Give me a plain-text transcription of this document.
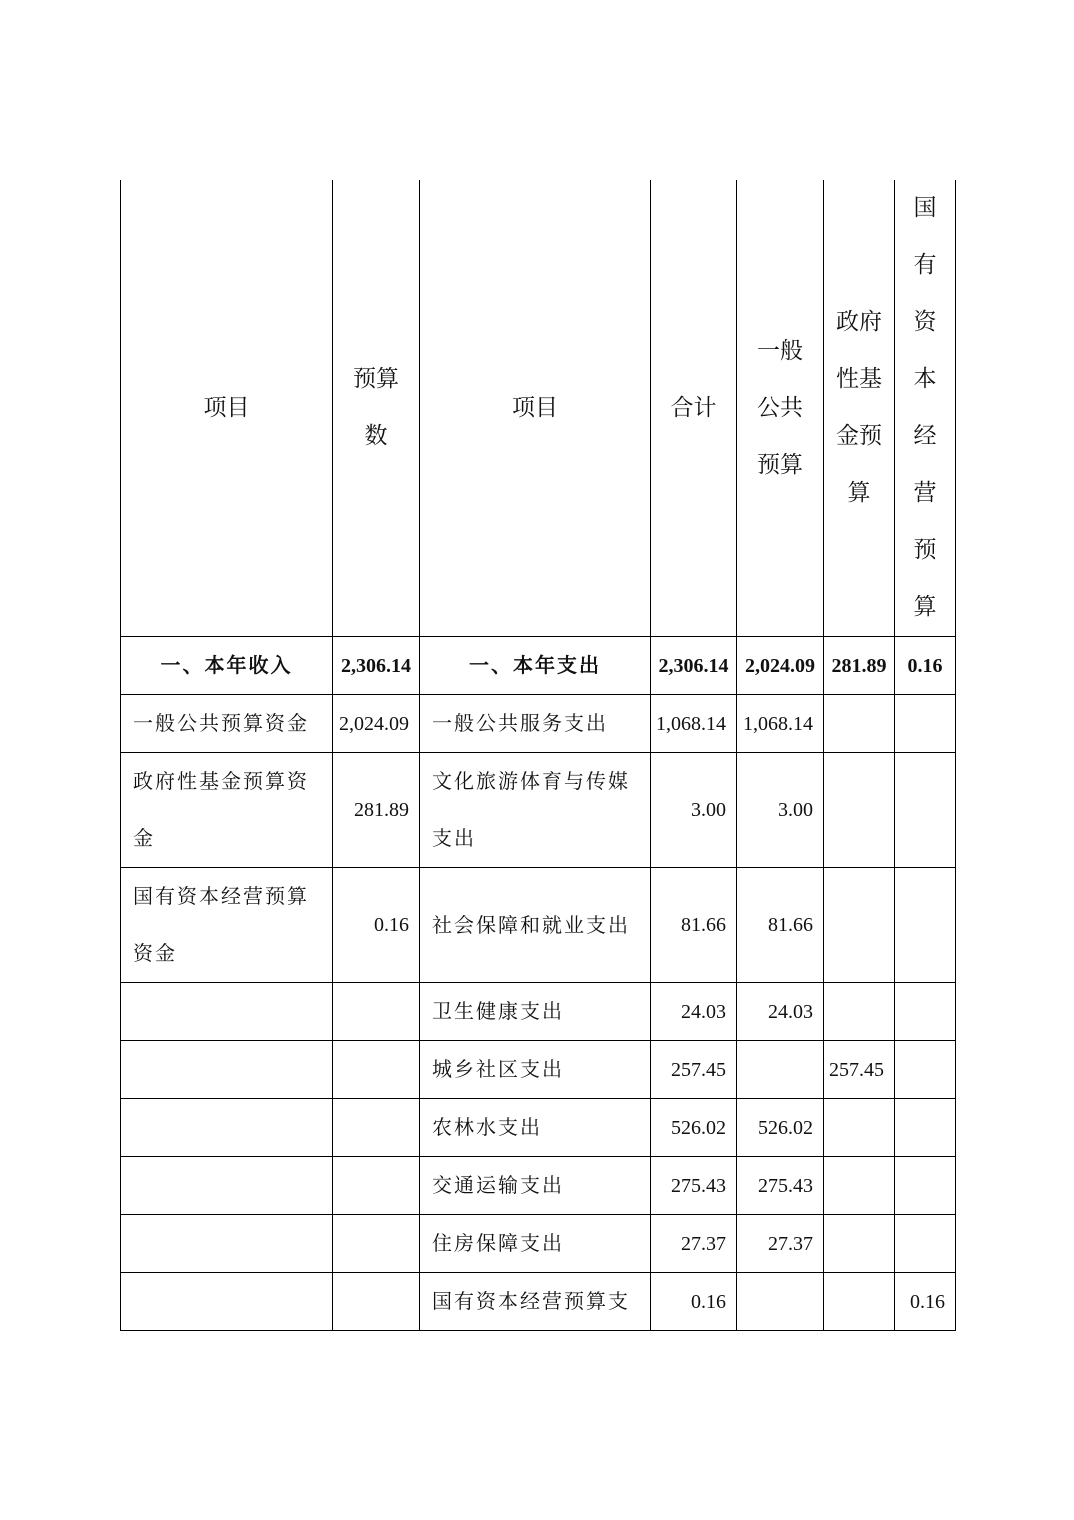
项目	预算数	项目	合计	一般公共预算	政府性基金预算	国有资本经营预算
一、本年收入	2,306.14	一、本年支出	2,306.14	2,024.09	281.89	0.16
一般公共预算资金	2,024.09	一般公共服务支出	1,068.14	1,068.14		
政府性基金预算资金	281.89	文化旅游体育与传媒支出	3.00	3.00		
国有资本经营预算资金	0.16	社会保障和就业支出	81.66	81.66		
		卫生健康支出	24.03	24.03		
		城乡社区支出	257.45		257.45	
		农林水支出	526.02	526.02		
		交通运输支出	275.43	275.43		
		住房保障支出	27.37	27.37		
		国有资本经营预算支	0.16			0.16
